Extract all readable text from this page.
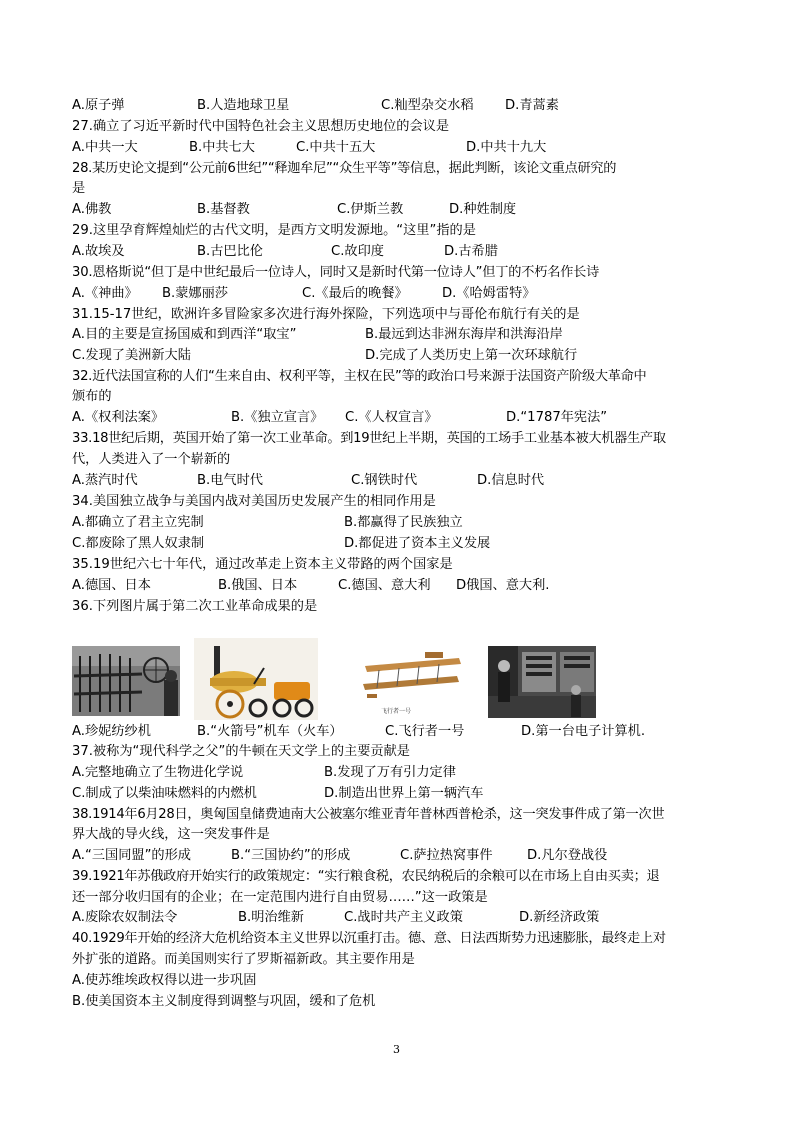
A.原子弹	B.人造地球卫星	C.籼型杂交水稻 D.青蒿素
27.确立了习近平新时代中国特色社会主义思想历史地位的会议是
A.中共一大	B.中共七大	C.中共十五大	D.中共十九大
28.某历史论文提到“公元前6世纪”“释迦牟尼”“众生平等”等信息，据此判断，该论文重点研究的
是
A.佛教	B.基督教	C.伊斯兰教	D.种姓制度
29.这里孕育辉煌灿烂的古代文明，是西方文明发源地。“这里”指的是
A.故埃及	B.古巴比伦	C.故印度	D.古希腊
30.恩格斯说“但丁是中世纪最后一位诗人，同时又是新时代第一位诗人”但丁的不朽名作长诗
A.《神曲》 B.蒙娜丽莎	C.《最后的晚餐》	D.《哈姆雷特》
31.15-17世纪，欧洲许多冒险家多次进行海外探险，下列选项中与哥伦布航行有关的是
A.目的主要是宣扬国威和到西洋“取宝”	B.最远到达非洲东海岸和洪海沿岸
C.发现了美洲新大陆	D.完成了人类历史上第一次环球航行
32.近代法国宣称的人们“生来自由、权利平等，主权在民”等的政治口号来源于法国资产阶级大革命中
颁布的
A.《权利法案》	B.《独立宣言》 C.《人权宣言》	D.“1787年宪法”
33.18世纪后期，英国开始了第一次工业革命。到19世纪上半期，英国的工场手工业基本被大机器生产取
代，人类进入了一个崭新的
A.蒸汽时代	B.电气时代	C.钢铁时代	D.信息时代
34.美国独立战争与美国内战对美国历史发展产生的相同作用是
A.都确立了君主立宪制	B.都赢得了民族独立
C.都废除了黑人奴隶制	D.都促进了资本主义发展
35.19世纪六七十年代，通过改革走上资本主义带路的两个国家是
A.德国、日本	B.俄国、日本	C.德国、意大利 D俄国、意大利.
36.下列图片属于第二次工业革命成果的是
飞行者一号
A.珍妮纺纱机	B.“火箭号”机车（火车）	C.飞行者一号	D.第一台电子计算机.
37.被称为“现代科学之父”的牛顿在天文学上的主要贡献是
A.完整地确立了生物进化学说	B.发现了万有引力定律
C.制成了以柴油味燃料的内燃机	D.制造出世界上第一辆汽车
38.1914年6月28日，奥匈国皇储费迪南大公被塞尔维亚青年普林西普枪杀，这一突发事件成了第一次世
界大战的导火线，这一突发事件是
A.“三国同盟”的形成	B.“三国协约”的形成	C.萨拉热窝事件	D.凡尔登战役
39.1921年苏俄政府开始实行的政策规定：“实行粮食税，农民纳税后的余粮可以在市场上自由买卖；退
还一部分收归国有的企业；在一定范围内进行自由贸易……”这一政策是
A.废除农奴制法令	B.明治维新	C.战时共产主义政策	D.新经济政策
40.1929年开始的经济大危机给资本主义世界以沉重打击。德、意、日法西斯势力迅速膨胀，最终走上对
外扩张的道路。而美国则实行了罗斯福新政。其主要作用是
A.使苏维埃政权得以进一步巩固
B.使美国资本主义制度得到调整与巩固，缓和了危机
3
